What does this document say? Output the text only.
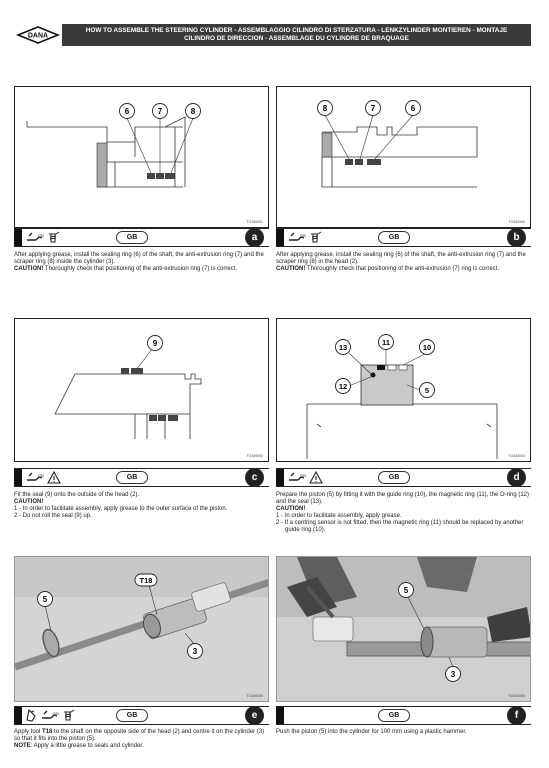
DANA
HOW TO ASSEMBLE THE STEERING CYLINDER - ASSEMBLAGGIO CILINDRO DI STERZATURA - LENKZYLINDER MONTIEREN - MONTAJE
CILINDRO DE DIRECCION - ASSEMBLAGE DU CYLINDRE DE BRAQUAGE
6	7	8
TO340001
GB	GB	a

After applying grease, install the sealing ring (6) of the shaft, the anti-extrusion ring (7) and the scraper ring (8) inside the cylinder (3).

CAUTION! Thoroughly check that positioning of the anti-extrusion ring (7) is correct.

8	7	6
TO340002
GB	GB	b

After applying grease, install the sealing ring (6) of the shaft, the anti-extrusion ring (7) and the scraper ring (8) in the head (2).

CAUTION! Thoroughly check that positioning of the anti-extrusion (7) ring is correct.

9
TO340003
GB	GB	c

Fit the seal (9) onto the outside of the head (2).

CAUTION!

1 - In order to facilitate assembly, apply grease to the outer surface of the piston.

2 - Do not roll the seal (9) up.

13
11
10
12	5
TO340004
GB	GB	d

Prepare the piston (5) by fitting it with the guide ring (10), the magnetic ring (11), the O-ring (12) and the seal (13).

CAUTION!

1 - In order to facilitate assembly, apply grease.

2 - If a centring sensor is not fitted, then the magnetic ring (11) should be replaced by another guide ring (10).

T18
5
3
TO340005
GB	GB	e

Apply tool T18 to the shaft on the opposite side of the head (2) and centre it on the cylinder (3) so that it fits into the piston (5).

NOTE: Apply a little grease to seals and cylinder.

5
3
TO340006
GB	f

Push the piston (5) into the cylinder for 100 mm using a plastic hammer.
